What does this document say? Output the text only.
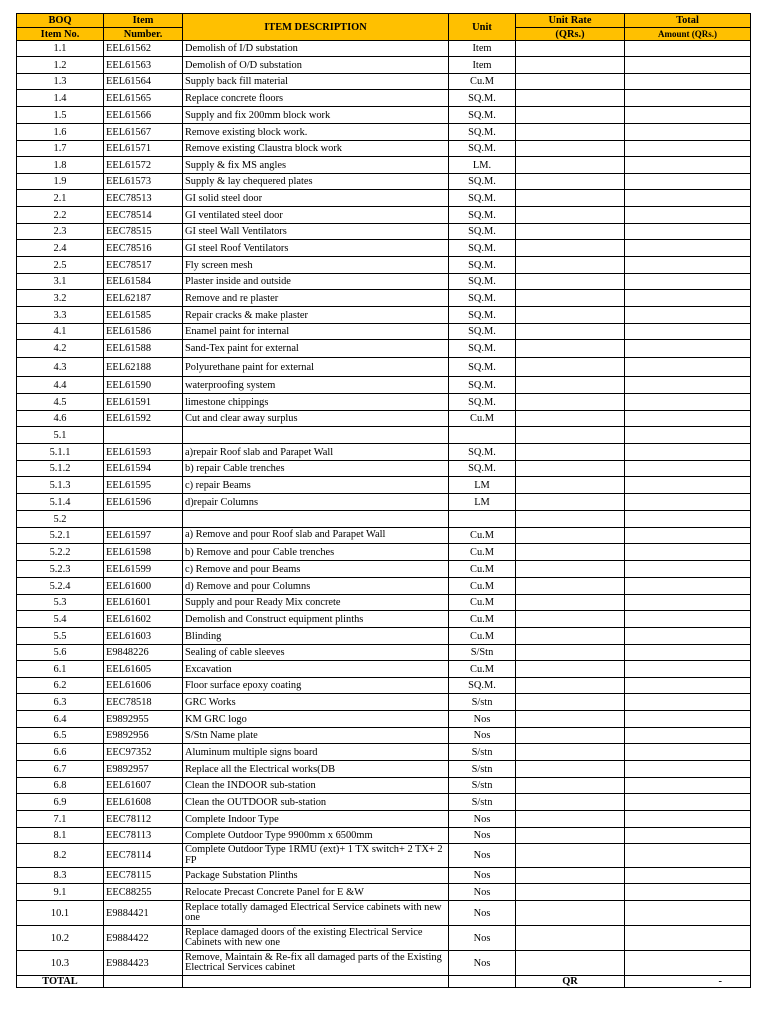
BOQ	Item	ITEM DESCRIPTION	Unit	Unit Rate	Total
Item No.	Number.			(QRs.)	Amount (QRs.)
1.1	EEL61562	Demolish of I/D substation	Item		
1.2	EEL61563	Demolish of O/D substation	Item		
1.3	EEL61564	Supply back fill material	Cu.M		
1.4	EEL61565	Replace concrete floors	SQ.M.		
1.5	EEL61566	Supply and fix 200mm block work	SQ.M.		
1.6	EEL61567	Remove existing block work.	SQ.M.		
1.7	EEL61571	Remove existing Claustra block work	SQ.M.		
1.8	EEL61572	Supply & fix MS angles	LM.		
1.9	EEL61573	Supply & lay chequered plates	SQ.M.		
2.1	EEC78513	GI solid steel door	SQ.M.		
2.2	EEC78514	GI ventilated steel door	SQ.M.		
2.3	EEC78515	GI steel Wall Ventilators	SQ.M.		
2.4	EEC78516	GI steel Roof Ventilators	SQ.M.		
2.5	EEC78517	Fly screen mesh	SQ.M.		
3.1	EEL61584	Plaster inside and outside	SQ.M.		
3.2	EEL62187	Remove and re plaster	SQ.M.		
3.3	EEL61585	Repair cracks & make plaster	SQ.M.		
4.1	EEL61586	Enamel paint for internal	SQ.M.		
4.2	EEL61588	Sand-Tex paint for external	SQ.M.		
4.3	EEL62188	Polyurethane paint for external	SQ.M.		
4.4	EEL61590	waterproofing system	SQ.M.		
4.5	EEL61591	limestone chippings	SQ.M.		
4.6	EEL61592	Cut and clear away surplus	Cu.M		
5.1					
5.1.1	EEL61593	a)repair Roof slab and Parapet Wall	SQ.M.		
5.1.2	EEL61594	b) repair Cable trenches	SQ.M.		
5.1.3	EEL61595	c) repair Beams	LM		
5.1.4	EEL61596	d)repair Columns	LM		
5.2					
5.2.1	EEL61597	a) Remove and pour Roof slab and Parapet Wall	Cu.M		
5.2.2	EEL61598	b) Remove and pour Cable trenches	Cu.M		
5.2.3	EEL61599	c) Remove and pour Beams	Cu.M		
5.2.4	EEL61600	d) Remove and pour Columns	Cu.M		
5.3	EEL61601	Supply and pour Ready Mix concrete	Cu.M		
5.4	EEL61602	Demolish and Construct equipment plinths	Cu.M		
5.5	EEL61603	Blinding	Cu.M		
5.6	E9848226	Sealing of cable sleeves	S/Stn		
6.1	EEL61605	Excavation	Cu.M		
6.2	EEL61606	Floor surface epoxy coating	SQ.M.		
6.3	EEC78518	GRC Works	S/stn		
6.4	E9892955	KM GRC logo	Nos		
6.5	E9892956	S/Stn Name plate	Nos		
6.6	EEC97352	Aluminum multiple signs board	S/stn		
6.7	E9892957	Replace all the Electrical works(DB	S/stn		
6.8	EEL61607	Clean the INDOOR sub-station	S/stn		
6.9	EEL61608	Clean the OUTDOOR sub-station	S/stn		
7.1	EEC78112	Complete Indoor Type	Nos		
8.1	EEC78113	Complete Outdoor Type 9900mm x 6500mm	Nos		
8.2	EEC78114	Complete Outdoor Type 1RMU (ext)+ 1 TX switch+ 2 TX+ 2 FP	Nos		
8.3	EEC78115	Package Substation Plinths	Nos		
9.1	EEC88255	Relocate Precast Concrete Panel for E &W	Nos		
10.1	E9884421	Replace totally damaged Electrical Service cabinets with new one	Nos		
10.2	E9884422	Replace damaged doors of the existing Electrical Service Cabinets with new one	Nos		
10.3	E9884423	Remove, Maintain & Re-fix all damaged parts of the Existing Electrical Services cabinet	Nos		
TOTAL				QR	-
